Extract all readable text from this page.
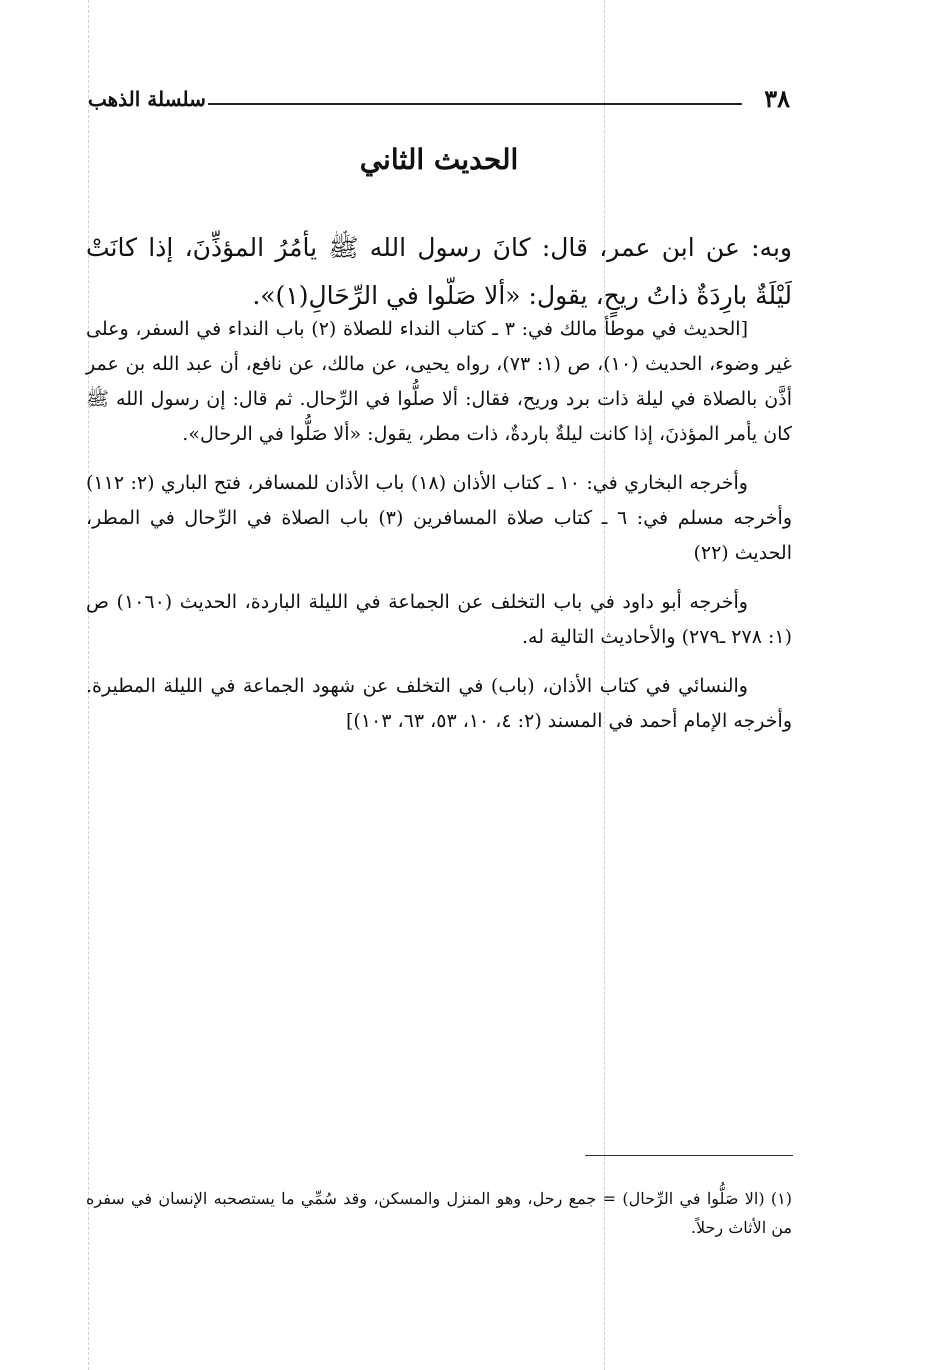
٣٨
سلسلة الذهب
الحديث الثاني

وبه: عن ابن عمر، قال: كانَ رسول الله ﷺ يأمُرُ المؤذِّنَ، إذا كانَتْ لَيْلَةٌ بارِدَةٌ ذاتُ ريحٍ، يقول: «ألا صَلّوا في الرِّحَالِ(١)».

[الحديث في موطأ مالك في: ٣ ـ كتاب النداء للصلاة (٢) باب النداء في السفر، وعلى غير وضوء، الحديث (١٠)، ص (١: ٧٣)، رواه يحيى، عن مالك، عن نافع، أن عبد الله بن عمر أذَّن بالصلاة في ليلة ذات برد وريح، فقال: ألا صلُّوا في الرِّحال. ثم قال: إن رسول الله ﷺ كان يأمر المؤذنَ، إذا كانت ليلةٌ باردةٌ، ذات مطر، يقول: «ألا صَلُّوا في الرحال».

وأخرجه البخاري في: ١٠ ـ كتاب الأذان (١٨) باب الأذان للمسافر، فتح الباري (٢: ١١٢) وأخرجه مسلم في: ٦ ـ كتاب صلاة المسافرين (٣) باب الصلاة في الرِّحال في المطر، الحديث (٢٢)

وأخرجه أبو داود في باب التخلف عن الجماعة في الليلة الباردة، الحديث (١٠٦٠) ص (١: ٢٧٨ ـ٢٧٩) والأحاديث التالية له.

والنسائي في كتاب الأذان، (باب) في التخلف عن شهود الجماعة في الليلة المطيرة. وأخرجه الإمام أحمد في المسند (٢: ٤، ١٠، ٥٣، ٦٣، ١٠٣)]

(١) (الا صَلُّوا في الرِّحال) = جمع رحل، وهو المنزل والمسكن، وقد سُمِّي ما يستصحبه الإنسان في سفره من الأثاث رحلاً.
